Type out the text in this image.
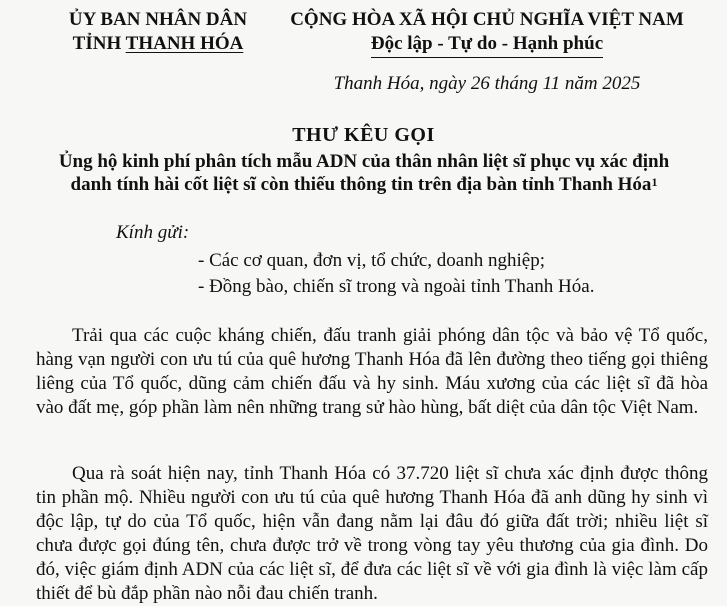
ỦY BAN NHÂN DÂN
TỈNH THANH HÓA
CỘNG HÒA XÃ HỘI CHỦ NGHĨA VIỆT NAM
Độc lập - Tự do - Hạnh phúc
Thanh Hóa, ngày 26 tháng 11 năm 2025
THƯ KÊU GỌI
Ủng hộ kinh phí phân tích mẫu ADN của thân nhân liệt sĩ phục vụ xác định
danh tính hài cốt liệt sĩ còn thiếu thông tin trên địa bàn tỉnh Thanh Hóa$^1$
Kính gửi:
- Các cơ quan, đơn vị, tổ chức, doanh nghiệp;
- Đồng bào, chiến sĩ trong và ngoài tỉnh Thanh Hóa.
Trải qua các cuộc kháng chiến, đấu tranh giải phóng dân tộc và bảo vệ Tổ quốc, hàng vạn người con ưu tú của quê hương Thanh Hóa đã lên đường theo tiếng gọi thiêng liêng của Tổ quốc, dũng cảm chiến đấu và hy sinh. Máu xương của các liệt sĩ đã hòa vào đất mẹ, góp phần làm nên những trang sử hào hùng, bất diệt của dân tộc Việt Nam.
Qua rà soát hiện nay, tỉnh Thanh Hóa có 37.720 liệt sĩ chưa xác định được thông tin phần mộ. Nhiều người con ưu tú của quê hương Thanh Hóa đã anh dũng hy sinh vì độc lập, tự do của Tổ quốc, hiện vẫn đang nằm lại đâu đó giữa đất trời; nhiều liệt sĩ chưa được gọi đúng tên, chưa được trở về trong vòng tay yêu thương của gia đình. Do đó, việc giám định ADN của các liệt sĩ, để đưa các liệt sĩ về với gia đình là việc làm cấp thiết để bù đắp phần nào nỗi đau chiến tranh.
